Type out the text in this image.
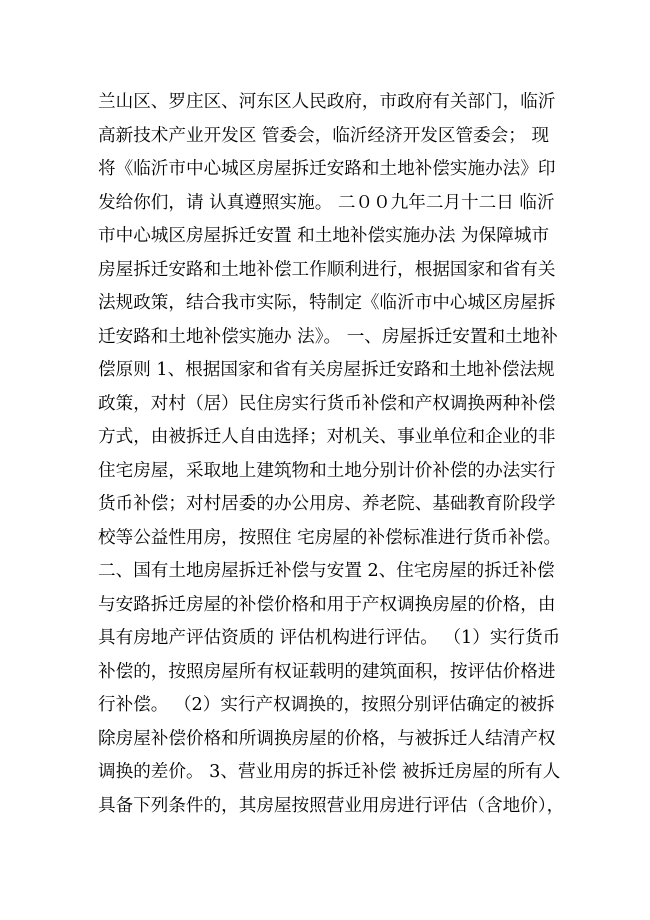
兰山区、罗庄区、河东区人民政府，市政府有关部门，临沂
高新技术产业开发区 管委会，临沂经济开发区管委会； 现
将《临沂市中心城区房屋拆迁安路和土地补偿实施办法》印
发给你们，请 认真遵照实施。 二００九年二月十二日 临沂
市中心城区房屋拆迁安置 和土地补偿实施办法 为保障城市
房屋拆迁安路和土地补偿工作顺利进行，根据国家和省有关
法规政策，结合我市实际，特制定《临沂市中心城区房屋拆
迁安路和土地补偿实施办 法》。 一、房屋拆迁安置和土地补
偿原则 1、根据国家和省有关房屋拆迁安路和土地补偿法规
政策，对村（居）民住房实行货币补偿和产权调换两种补偿
方式，由被拆迁人自由选择；对机关、事业单位和企业的非
住宅房屋，采取地上建筑物和土地分别计价补偿的办法实行
货币补偿；对村居委的办公用房、养老院、基础教育阶段学
校等公益性用房，按照住 宅房屋的补偿标准进行货币补偿。
二、国有土地房屋拆迁补偿与安置 2、住宅房屋的拆迁补偿
与安路拆迁房屋的补偿价格和用于产权调换房屋的价格，由
具有房地产评估资质的 评估机构进行评估。 （1）实行货币
补偿的，按照房屋所有权证载明的建筑面积，按评估价格进
行补偿。 （2）实行产权调换的，按照分别评估确定的被拆
除房屋补偿价格和所调换房屋的价格，与被拆迁人结清产权
调换的差价。 3、营业用房的拆迁补偿 被拆迁房屋的所有人
具备下列条件的，其房屋按照营业用房进行评估（含地价），
